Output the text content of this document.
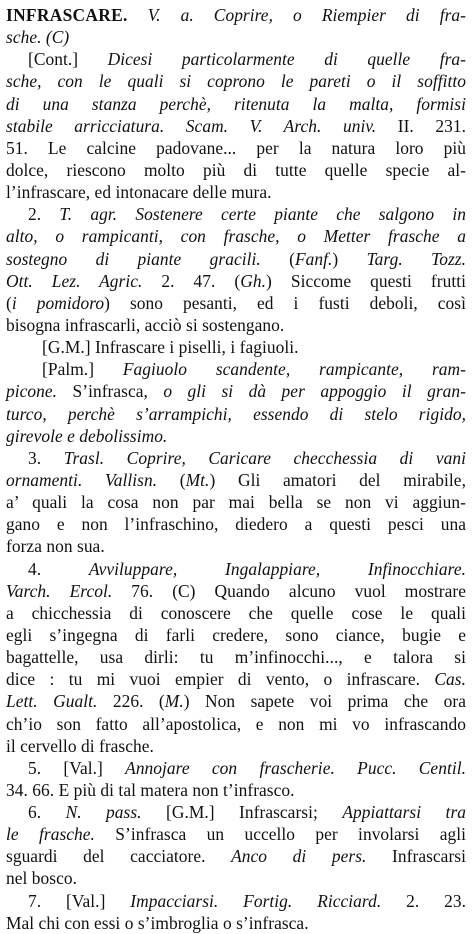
INFRASCARE. V. a. Coprire, o Riempier di fra-
sche. (C)
[Cont.] Dicesi particolarmente di quelle fra-
sche, con le quali si coprono le pareti o il soffitto
di una stanza perchè, ritenuta la malta, formisi
stabile arricciatura. Scam. V. Arch. univ. II. 231.
51. Le calcine padovane... per la natura loro più
dolce, riescono molto più di tutte quelle specie al-
l’infrascare, ed intonacare delle mura.
2. T. agr. Sostenere certe piante che salgono in
alto, o rampicanti, con frasche, o Metter frasche a
sostegno di piante gracili. (Fanf.) Targ. Tozz.
Ott. Lez. Agric. 2. 47. (Gh.) Siccome questi frutti
(i pomidoro) sono pesanti, ed i fusti deboli, così
bisogna infrascarli, acciò si sostengano.
[G.M.] Infrascare i piselli, i fagiuoli.
[Palm.] Fagiuolo scandente, rampicante, ram-
picone. S’infrasca, o gli si dà per appoggio il gran-
turco, perchè s’arrampichi, essendo di stelo rigido,
girevole e debolissimo.
3. Trasl. Coprire, Caricare checchessia di vani
ornamenti. Vallisn. (Mt.) Gli amatori del mirabile,
a’ quali la cosa non par mai bella se non vi aggiun-
gano e non l’infraschino, diedero a questi pesci una
forza non sua.
4. Avviluppare, Ingalappiare, Infinocchiare.
Varch. Ercol. 76. (C) Quando alcuno vuol mostrare
a chicchessia di conoscere che quelle cose le quali
egli s’ingegna di farli credere, sono ciance, bugie e
bagattelle, usa dirli: tu m’infinocchi..., e talora si
dice : tu mi vuoi empier di vento, o infrascare. Cas.
Lett. Gualt. 226. (M.) Non sapete voi prima che ora
ch’io son fatto all’apostolica, e non mi vo infrascando
il cervello di frasche.
5. [Val.] Annojare con frascherie. Pucc. Centil.
34. 66. E più di tal matera non t’infrasco.
6. N. pass. [G.M.] Infrascarsi; Appiattarsi tra
le frasche. S’infrasca un uccello per involarsi agli
sguardi del cacciatore. Anco di pers. Infrascarsi
nel bosco.
7. [Val.] Impacciarsi. Fortig. Ricciard. 2. 23.
Mal chi con essi o s’imbroglia o s’infrasca.
